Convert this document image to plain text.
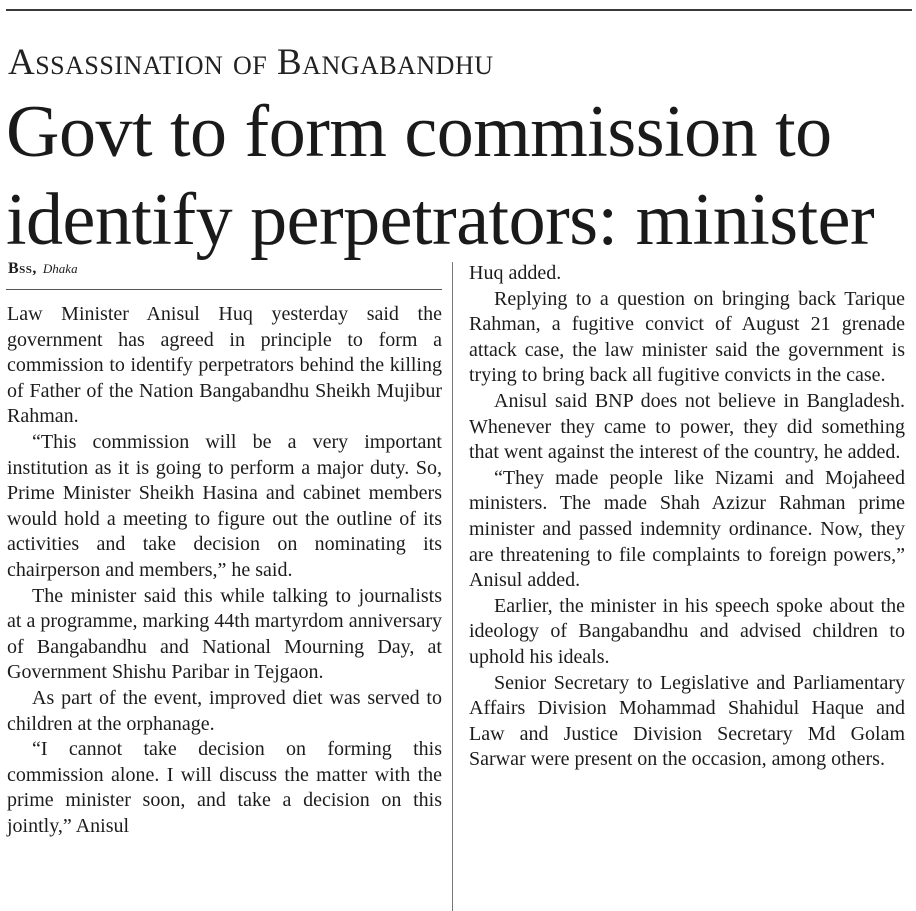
Assassination of Bangabandhu
Govt to form commission to identify perpetrators: minister
Bss, Dhaka

Law Minister Anisul Huq yesterday said the government has agreed in principle to form a commission to identify perpetrators behind the killing of Father of the Nation Bangabandhu Sheikh Mujibur Rahman.

“This commission will be a very important institution as it is going to perform a major duty. So, Prime Minister Sheikh Hasina and cabinet members would hold a meeting to figure out the outline of its activities and take decision on nominating its chairperson and members,” he said.

The minister said this while talking to journalists at a programme, marking 44th martyrdom anniversary of Bangabandhu and National Mourning Day, at Government Shishu Paribar in Tejgaon.

As part of the event, improved diet was served to children at the orphanage.

“I cannot take decision on forming this commission alone. I will discuss the matter with the prime minister soon, and take a decision on this jointly,” Anisul

Huq added.

Replying to a question on bringing back Tarique Rahman, a fugitive convict of August 21 grenade attack case, the law minister said the government is trying to bring back all fugitive convicts in the case.

Anisul said BNP does not believe in Bangladesh. Whenever they came to power, they did something that went against the interest of the country, he added.

“They made people like Nizami and Mojaheed ministers. The made Shah Azizur Rahman prime minister and passed indemnity ordinance. Now, they are threatening to file complaints to foreign powers,” Anisul added.

Earlier, the minister in his speech spoke about the ideology of Bangabandhu and advised children to uphold his ideals.

Senior Secretary to Legislative and Parliamentary Affairs Division Mohammad Shahidul Haque and Law and Justice Division Secretary Md Golam Sarwar were present on the occasion, among others.
